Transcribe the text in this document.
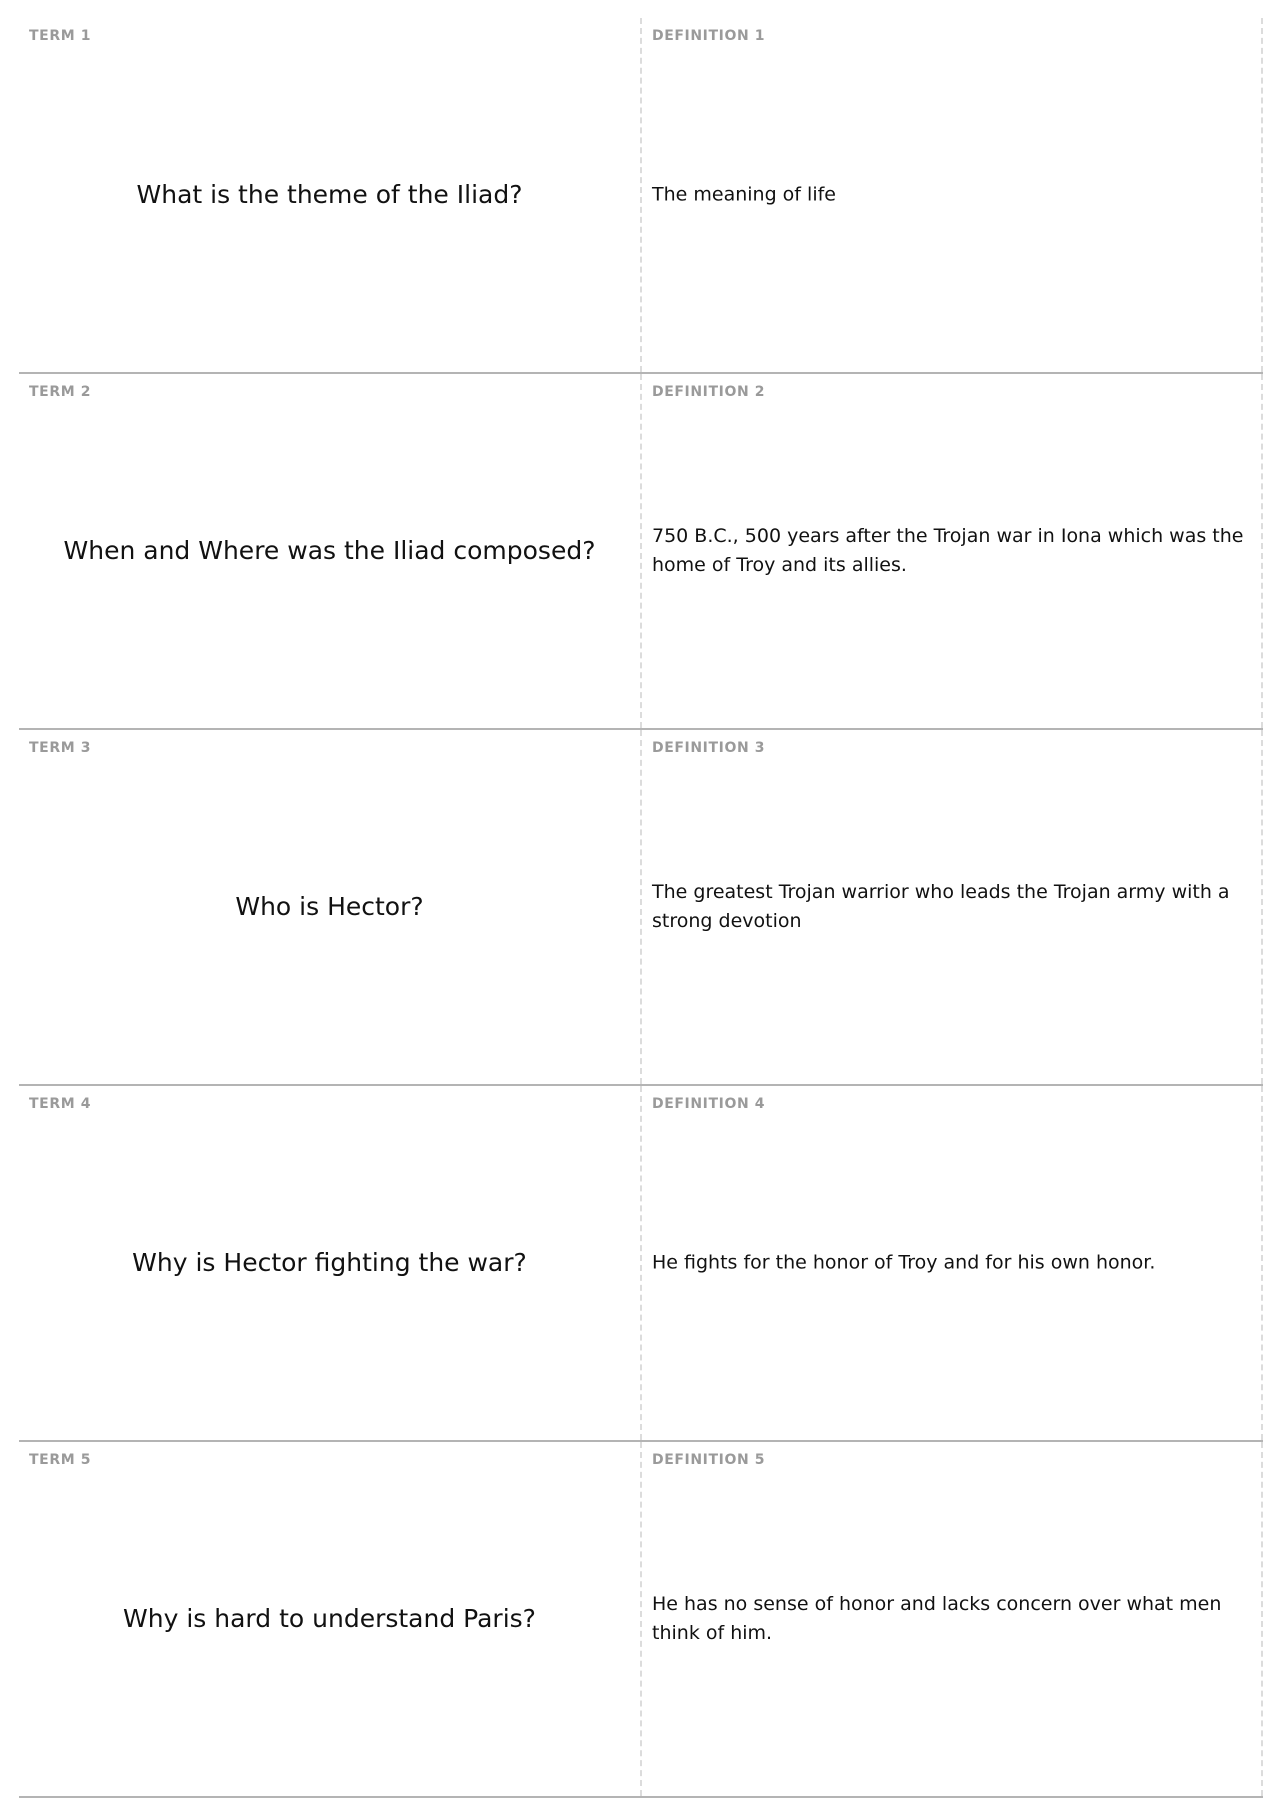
TERM 1
What is the theme of the Iliad?
DEFINITION 1
The meaning of life
TERM 2
When and Where was the Iliad composed?
DEFINITION 2
750 B.C., 500 years after the Trojan war in Iona which was the home of Troy and its allies.
TERM 3
Who is Hector?
DEFINITION 3
The greatest Trojan warrior who leads the Trojan army with a strong devotion
TERM 4
Why is Hector fighting the war?
DEFINITION 4
He fights for the honor of Troy and for his own honor.
TERM 5
Why is hard to understand Paris?
DEFINITION 5
He has no sense of honor and lacks concern over what men think of him.
